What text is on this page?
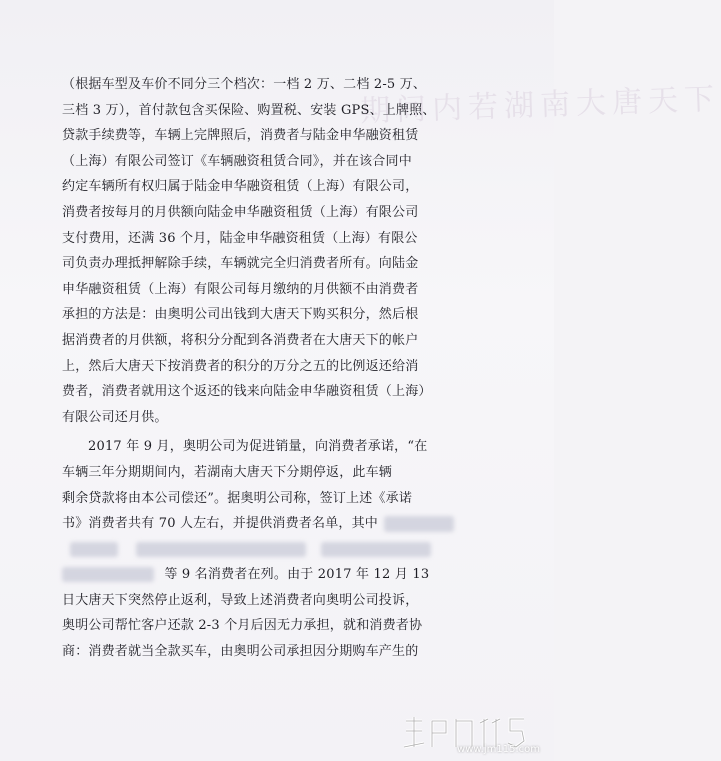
期间内若湖南大唐天下
（根据车型及车价不同分三个档次：一档 2 万、二档 2-5 万、
三档 3 万），首付款包含买保险、购置税、安装 GPS、上牌照、
贷款手续费等，车辆上完牌照后，消费者与陆金申华融资租赁
（上海）有限公司签订《车辆融资租赁合同》，并在该合同中
约定车辆所有权归属于陆金申华融资租赁（上海）有限公司，
消费者按每月的月供额向陆金申华融资租赁（上海）有限公司
支付费用，还满 36 个月，陆金申华融资租赁（上海）有限公
司负责办理抵押解除手续，车辆就完全归消费者所有。向陆金
申华融资租赁（上海）有限公司每月缴纳的月供额不由消费者
承担的方法是：由奥明公司出钱到大唐天下购买积分，然后根
据消费者的月供额，将积分分配到各消费者在大唐天下的帐户
上，然后大唐天下按消费者的积分的万分之五的比例返还给消
费者，消费者就用这个返还的钱来向陆金申华融资租赁（上海）
有限公司还月供。
2017 年 9 月，奥明公司为促进销量，向消费者承诺，“在
车辆三年分期期间内，若湖南大唐天下分期停返，此车辆
剩余贷款将由本公司偿还”。据奥明公司称，签订上述《承诺
书》消费者共有 70 人左右，并提供消费者名单，其中

等 9 名消费者在列。由于 2017 年 12 月 13
日大唐天下突然停止返利，导致上述消费者向奥明公司投诉，
奥明公司帮忙客户还款 2-3 个月后因无力承担，就和消费者协
商：消费者就当全款买车，由奥明公司承担因分期购车产生的
www.jm115.com
